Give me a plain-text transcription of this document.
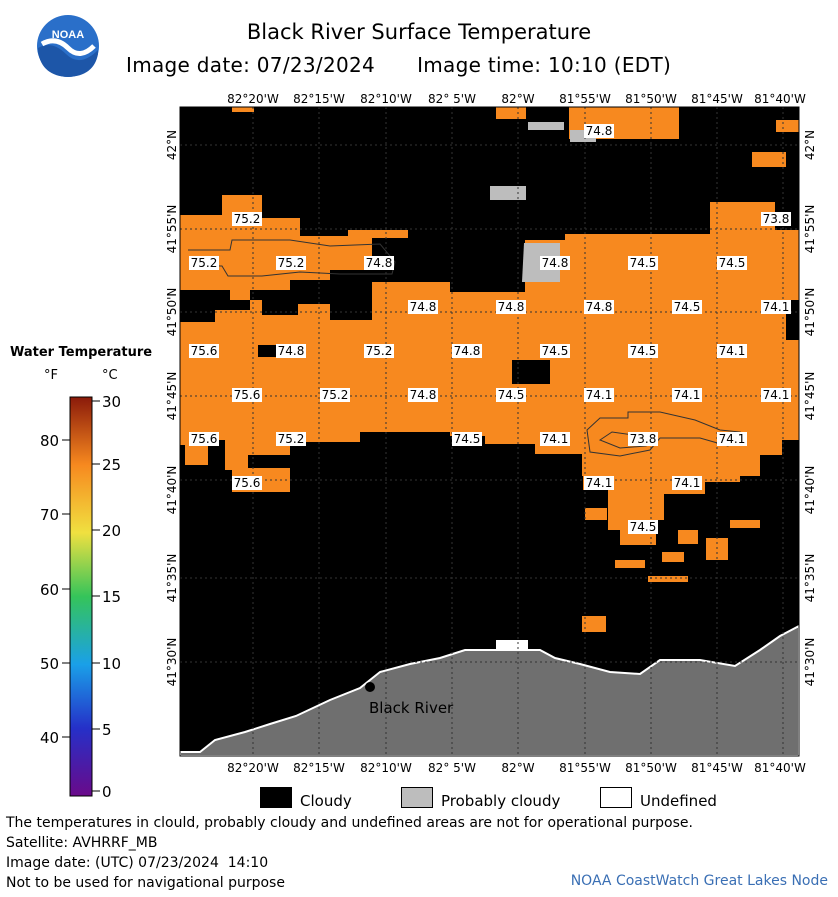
NOAA	Black River Surface Temperature
Image date: 07/23/2024 Image time: 10:10 (EDT)
Water Temperature
°F	°C
80
70
60
50
40
30
25
20
15
10
5
0
Black River
82°20'W 82°15'W 82°10'W 82° 5'W 82°W 81°55'W 81°50'W 81°45'W 81°40'W
82°20'W 82°15'W 82°10'W 82° 5'W 82°W 81°55'W 81°50'W 81°45'W 81°40'W
42°N
41°55'N
41°50'N
41°45'N
41°40'N
41°35'N
41°30'N
42°N
41°55'N
41°50'N
41°45'N
41°40'N
41°35'N
41°30'N
74.8
75.2	73.8
75.2	75.2	74.8	74.8	74.5	74.5
74.8	74.8	74.8	74.5	74.1
75.6	74.8	75.2	74.8	74.5	74.5	74.1
75.6	75.2	74.8	74.5	74.1	74.1	74.1
75.6	75.2	74.5	74.1	73.8	74.1
75.6	74.1	74.1
74.5
Cloudy	Probably cloudy	Undefined
The temperatures in clould, probably cloudy and undefined areas are not for operational purpose.
Satellite: AVHRRF_MB
Image date: (UTC) 07/23/2024  14:10
Not to be used for navigational purpose	NOAA CoastWatch Great Lakes Node
